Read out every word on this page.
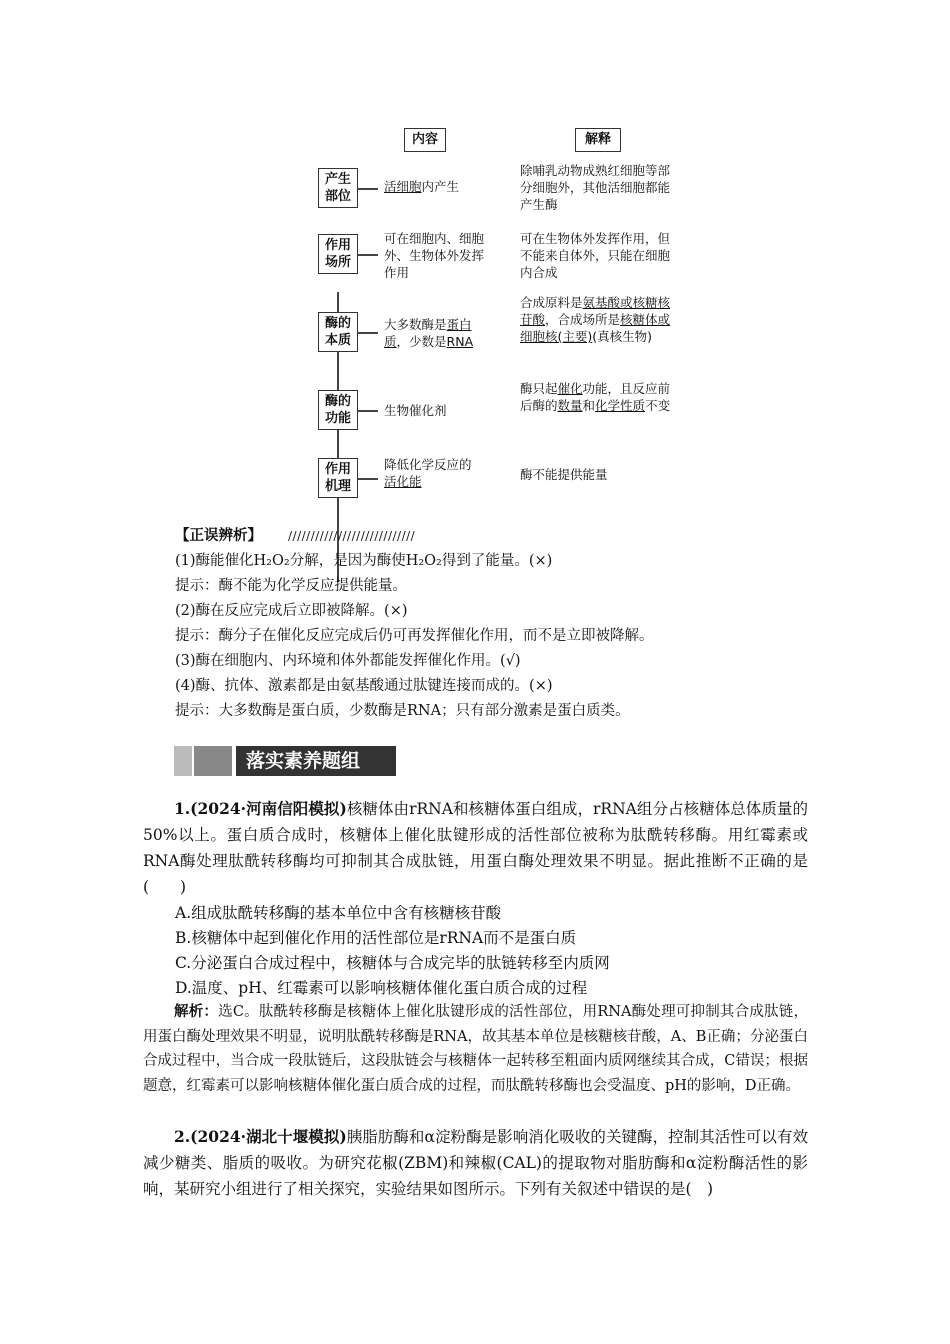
内容	解释
产生
部位
活细胞内产生
除哺乳动物成熟红细胞等部分细胞外，其他活细胞都能产生酶
作用
场所
可在细胞内、细胞外、生物体外发挥作用
可在生物体外发挥作用，但不能来自体外，只能在细胞内合成
酶的
本质
大多数酶是蛋白质，少数是RNA
合成原料是氨基酸或核糖核苷酸，合成场所是核糖体或细胞核(主要)(真核生物)
酶的
功能
生物催化剂
酶只起催化功能，且反应前后酶的数量和化学性质不变
作用
机理
降低化学反应的
活化能	酶不能提供能量
【正误辨析】 ////////////////////////////
(1)酶能催化H₂O₂分解，是因为酶使H₂O₂得到了能量。(×)
提示：酶不能为化学反应提供能量。
(2)酶在反应完成后立即被降解。(×)
提示：酶分子在催化反应完成后仍可再发挥催化作用，而不是立即被降解。
(3)酶在细胞内、内环境和体外都能发挥催化作用。(√)
(4)酶、抗体、激素都是由氨基酸通过肽键连接而成的。(×)
提示：大多数酶是蛋白质，少数酶是RNA；只有部分激素是蛋白质类。
落实素养题组
1.(2024·河南信阳模拟)核糖体由rRNA和核糖体蛋白组成，rRNA组分占核糖体总体质量的50%以上。蛋白质合成时，核糖体上催化肽键形成的活性部位被称为肽酰转移酶。用红霉素或RNA酶处理肽酰转移酶均可抑制其合成肽链，用蛋白酶处理效果不明显。据此推断不正确的是(　　)
A.组成肽酰转移酶的基本单位中含有核糖核苷酸
B.核糖体中起到催化作用的活性部位是rRNA而不是蛋白质
C.分泌蛋白合成过程中，核糖体与合成完毕的肽链转移至内质网
D.温度、pH、红霉素可以影响核糖体催化蛋白质合成的过程
解析：选C。肽酰转移酶是核糖体上催化肽键形成的活性部位，用RNA酶处理可抑制其合成肽链，用蛋白酶处理效果不明显，说明肽酰转移酶是RNA，故其基本单位是核糖核苷酸，A、B正确；分泌蛋白合成过程中，当合成一段肽链后，这段肽链会与核糖体一起转移至粗面内质网继续其合成，C错误；根据题意，红霉素可以影响核糖体催化蛋白质合成的过程，而肽酰转移酶也会受温度、pH的影响，D正确。
2.(2024·湖北十堰模拟)胰脂肪酶和α淀粉酶是影响消化吸收的关键酶，控制其活性可以有效减少糖类、脂质的吸收。为研究花椒(ZBM)和辣椒(CAL)的提取物对脂肪酶和α淀粉酶活性的影响，某研究小组进行了相关探究，实验结果如图所示。下列有关叙述中错误的是(　)
